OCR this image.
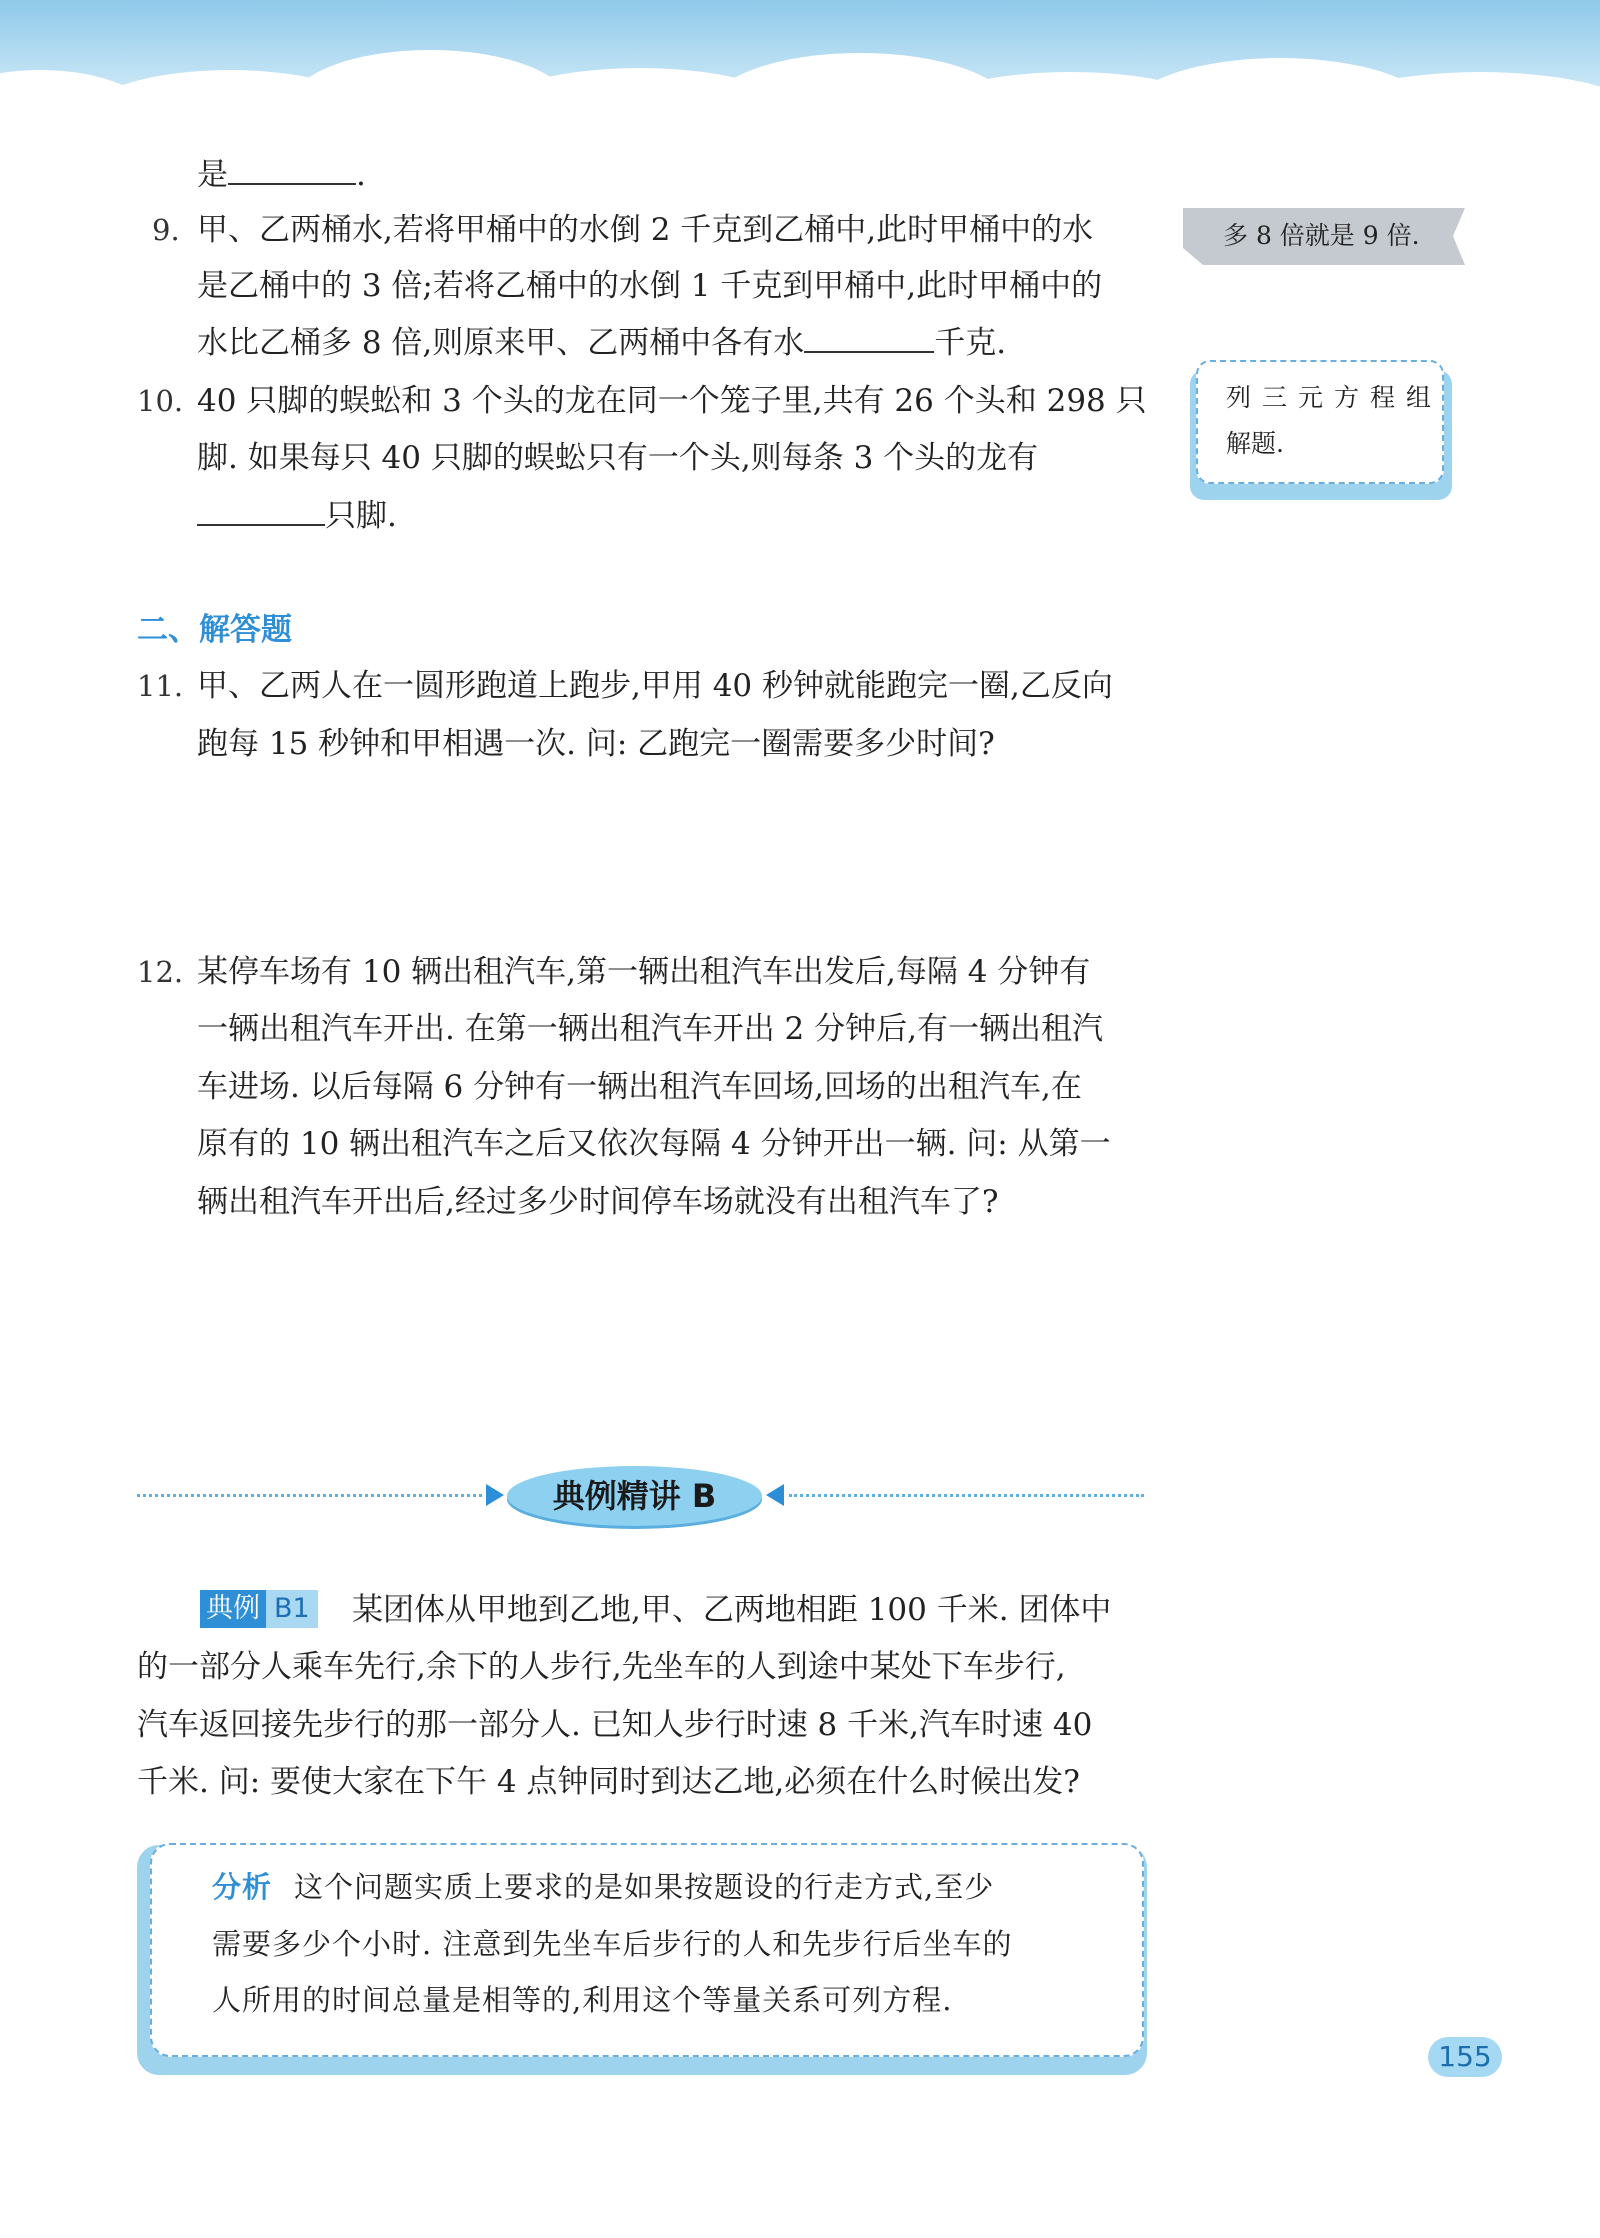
是	.
9. 甲、乙两桶水,若将甲桶中的水倒 2 千克到乙桶中,此时甲桶中的水
是乙桶中的 3 倍;若将乙桶中的水倒 1 千克到甲桶中,此时甲桶中的
水比乙桶多 8 倍,则原来甲、乙两桶中各有水	千克.
10. 40 只脚的蜈蚣和 3 个头的龙在同一个笼子里,共有 26 个头和 298 只
脚. 如果每只 40 只脚的蜈蚣只有一个头,则每条 3 个头的龙有
只脚.
多 8 倍就是 9 倍.
列三元方程组
解题.
二、解答题
11. 甲、乙两人在一圆形跑道上跑步,甲用 40 秒钟就能跑完一圈,乙反向
跑每 15 秒钟和甲相遇一次. 问: 乙跑完一圈需要多少时间?
12. 某停车场有 10 辆出租汽车,第一辆出租汽车出发后,每隔 4 分钟有
一辆出租汽车开出. 在第一辆出租汽车开出 2 分钟后,有一辆出租汽
车进场. 以后每隔 6 分钟有一辆出租汽车回场,回场的出租汽车,在
原有的 10 辆出租汽车之后又依次每隔 4 分钟开出一辆. 问: 从第一
辆出租汽车开出后,经过多少时间停车场就没有出租汽车了?
典例精讲 B
典例 B1 某团体从甲地到乙地,甲、乙两地相距 100 千米. 团体中
的一部分人乘车先行,余下的人步行,先坐车的人到途中某处下车步行,
汽车返回接先步行的那一部分人. 已知人步行时速 8 千米,汽车时速 40
千米. 问: 要使大家在下午 4 点钟同时到达乙地,必须在什么时候出发?
分析 这个问题实质上要求的是如果按题设的行走方式,至少
需要多少个小时. 注意到先坐车后步行的人和先步行后坐车的
人所用的时间总量是相等的,利用这个等量关系可列方程.
155
